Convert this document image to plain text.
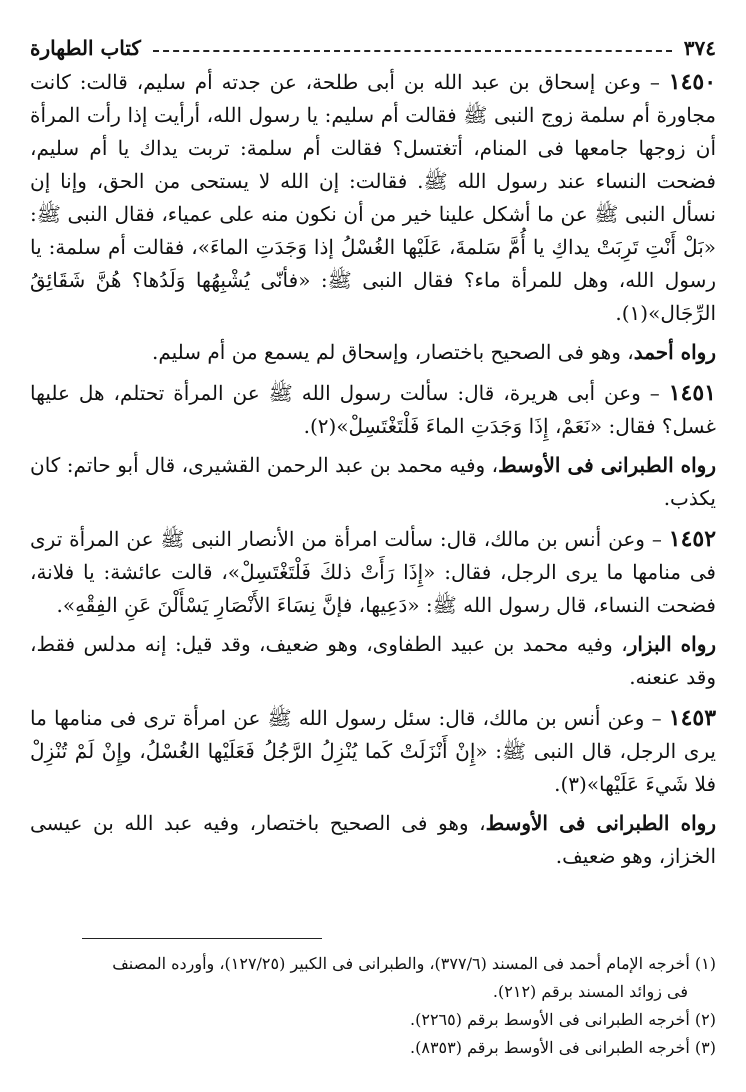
٣٧٤
كتاب الطهارة

١٤٥٠ – وعن إسحاق بن عبد الله بن أبى طلحة، عن جدته أم سليم، قالت: كانت مجاورة أم سلمة زوج النبى ﷺ فقالت أم سليم: يا رسول الله، أرأيت إذا رأت المرأة أن زوجها جامعها فى المنام، أتغتسل؟ فقالت أم سلمة: تربت يداك يا أم سليم، فضحت النساء عند رسول الله ﷺ. فقالت: إن الله لا يستحى من الحق، وإنا إن نسأل النبى ﷺ عن ما أشكل علينا خير من أن نكون منه على عمياء، فقال النبى ﷺ: «بَلْ أَنْتِ تَرِبَتْ يداكِ يا أُمَّ سَلمةَ، عَلَيْها الغُسْلُ إذا وَجَدَتِ الماءَ»، فقالت أم سلمة: يا رسول الله، وهل للمرأة ماء؟ فقال النبى ﷺ: «فأنّى يُشْبِهُها وَلَدُها؟ هُنَّ شَقَائِقُ الرِّجَال»(١).

رواه أحمد، وهو فى الصحيح باختصار، وإسحاق لم يسمع من أم سليم.

١٤٥١ – وعن أبى هريرة، قال: سألت رسول الله ﷺ عن المرأة تحتلم، هل عليها غسل؟ فقال: «نَعَمْ، إِذَا وَجَدَتِ الماءَ فَلْتَغْتَسِلْ»(٢).

رواه الطبرانى فى الأوسط، وفيه محمد بن عبد الرحمن القشيرى، قال أبو حاتم: كان يكذب.

١٤٥٢ – وعن أنس بن مالك، قال: سألت امرأة من الأنصار النبى ﷺ عن المرأة ترى فى منامها ما يرى الرجل، فقال: «إِذَا رَأَتْ ذلكَ فَلْتَغْتَسِلْ»، قالت عائشة: يا فلانة، فضحت النساء، قال رسول الله ﷺ: «دَعِيها، فإنَّ نِسَاءَ الأَنْصَارِ يَسْأَلْنَ عَنِ الفِقْهِ».

رواه البزار، وفيه محمد بن عبيد الطفاوى، وهو ضعيف، وقد قيل: إنه مدلس فقط، وقد عنعنه.

١٤٥٣ – وعن أنس بن مالك، قال: سئل رسول الله ﷺ عن امرأة ترى فى منامها ما يرى الرجل، قال النبى ﷺ: «إِنْ أَنْزَلَتْ كَما يُنْزِلُ الرَّجُلُ فَعَلَيْها الغُسْلُ، وإِنْ لَمْ تُنْزِلْ فلا شَيءَ عَلَيْها»(٣).

رواه الطبرانى فى الأوسط، وهو فى الصحيح باختصار، وفيه عبد الله بن عيسى الخزاز، وهو ضعيف.

(١) أخرجه الإمام أحمد فى المسند (٣٧٧/٦)، والطبرانى فى الكبير (١٢٧/٢٥)، وأورده المصنف
فى زوائد المسند برقم (٢١٢).
(٢) أخرجه الطبرانى فى الأوسط برقم (٢٢٦٥).
(٣) أخرجه الطبرانى فى الأوسط برقم (٨٣٥٣).
